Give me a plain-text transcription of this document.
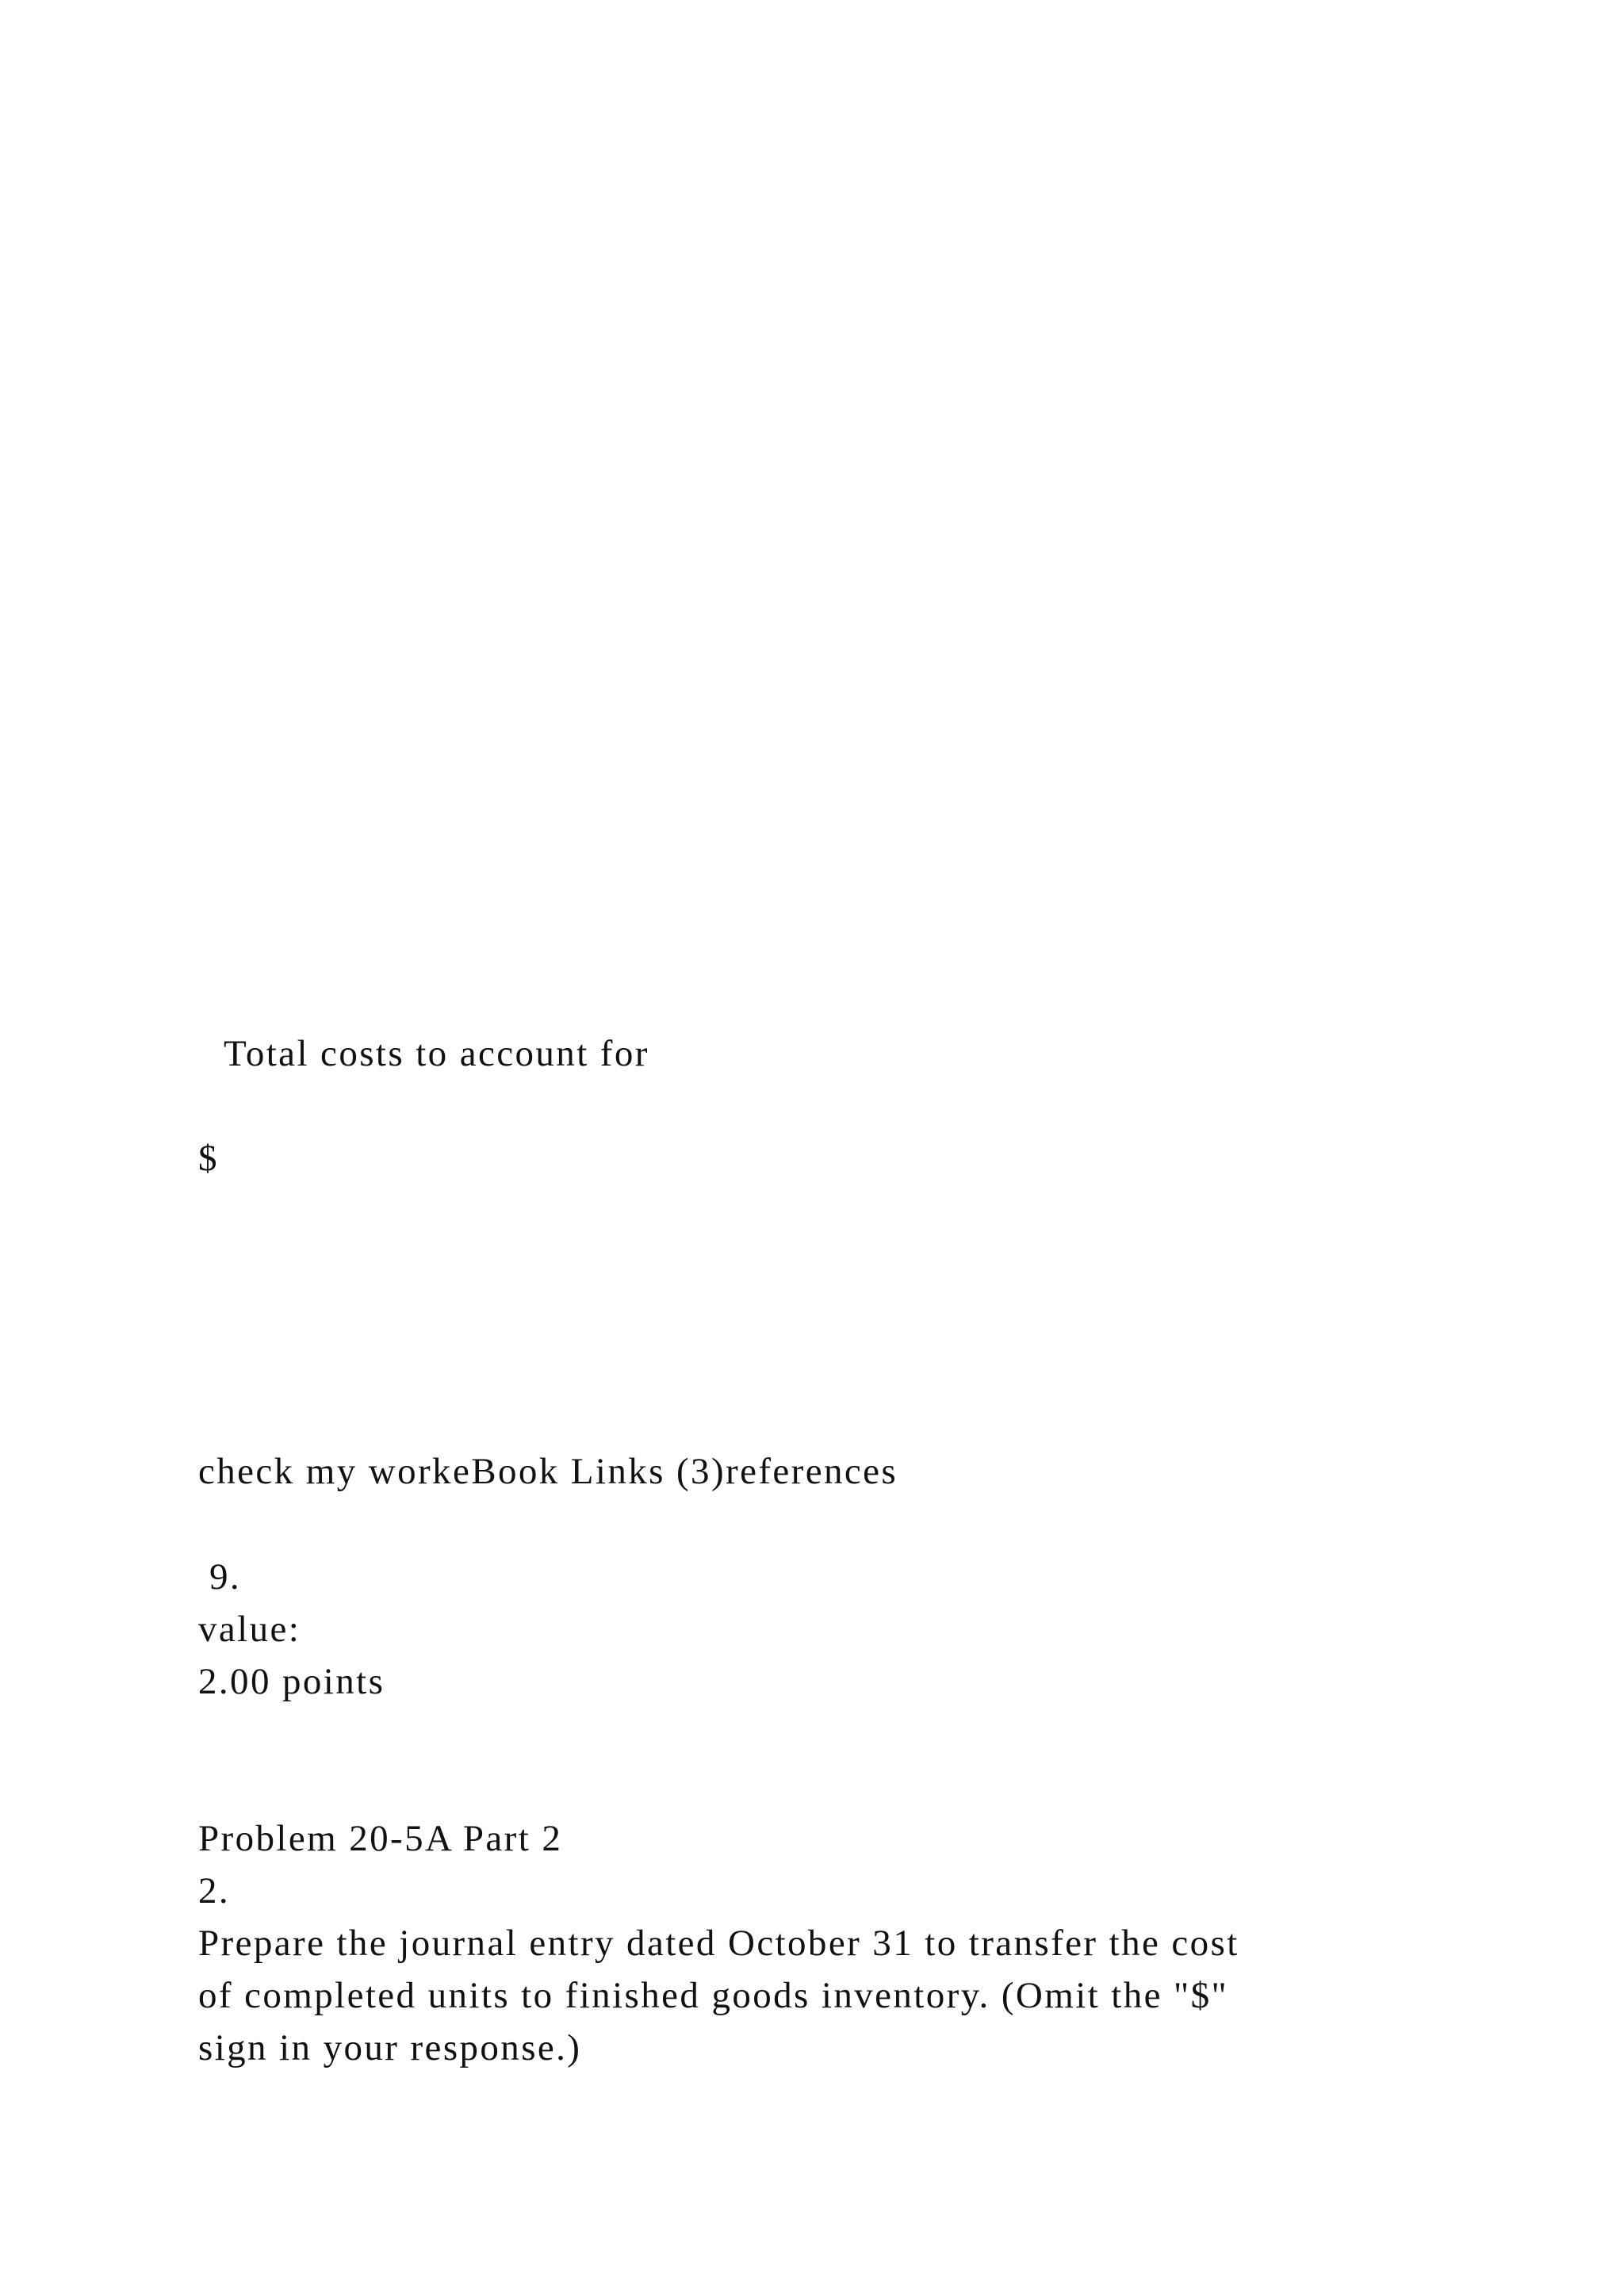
Total costs to account for

$

check my workeBook Links (3)references

9.

value:

2.00 points

Problem 20-5A Part 2

2.

Prepare the journal entry dated October 31 to transfer the cost

of completed units to finished goods inventory. (Omit the "$"

sign in your response.)
